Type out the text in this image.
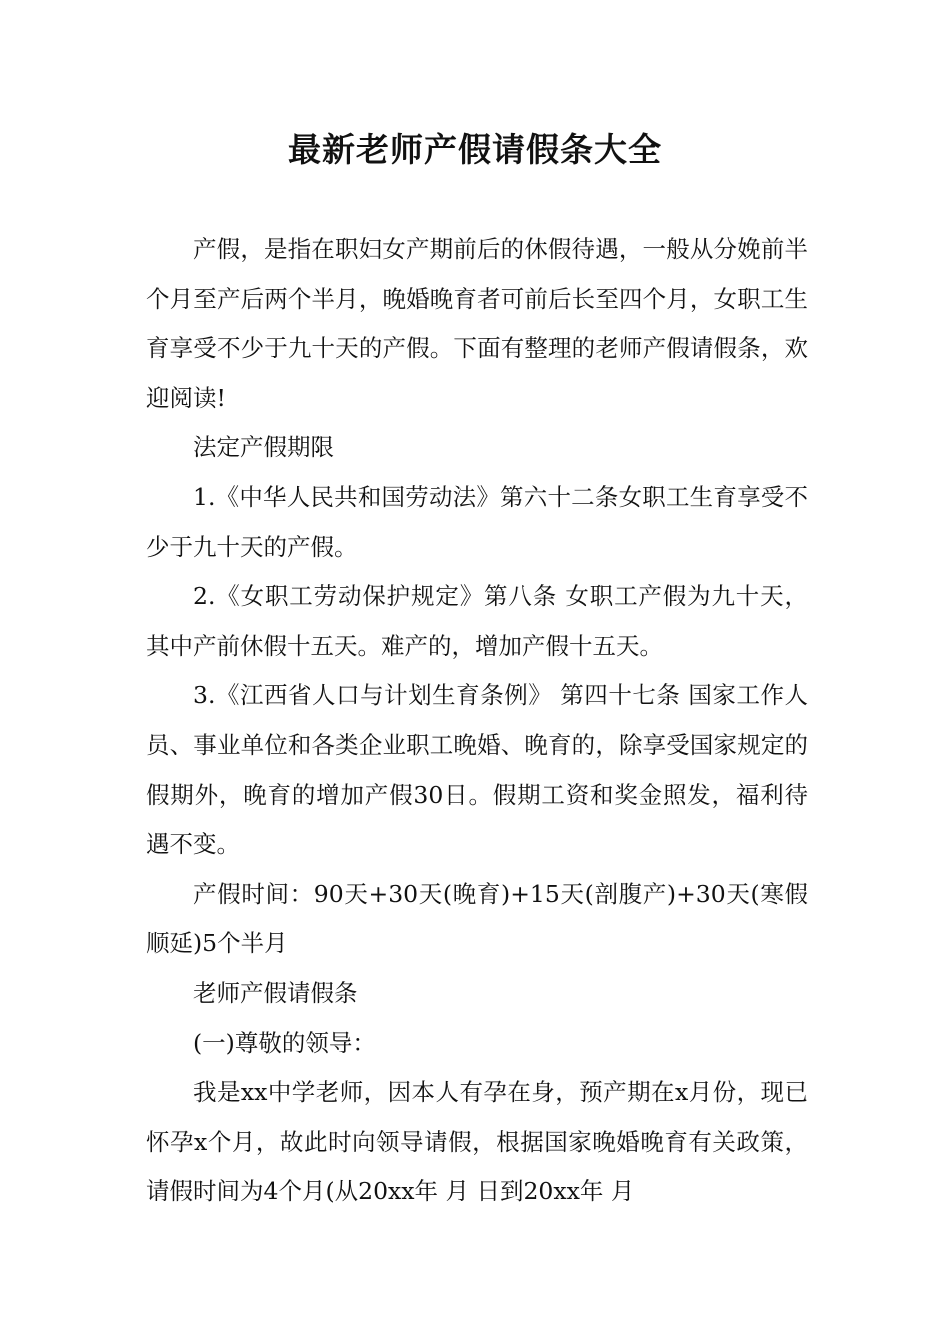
最新老师产假请假条大全

产假，是指在职妇女产期前后的休假待遇，一般从分娩前半个月至产后两个半月，晚婚晚育者可前后长至四个月，女职工生育享受不少于九十天的产假。下面有整理的老师产假请假条，欢迎阅读!

法定产假期限

1.《中华人民共和国劳动法》第六十二条女职工生育享受不少于九十天的产假。

2.《女职工劳动保护规定》第八条 女职工产假为九十天，其中产前休假十五天。难产的，增加产假十五天。

3.《江西省人口与计划生育条例》 第四十七条 国家工作人员、事业单位和各类企业职工晚婚、晚育的，除享受国家规定的假期外，晚育的增加产假30日。假期工资和奖金照发，福利待遇不变。

产假时间：90天+30天(晚育)+15天(剖腹产)+30天(寒假顺延)5个半月

老师产假请假条

(一)尊敬的领导：

我是xx中学老师，因本人有孕在身，预产期在x月份，现已怀孕x个月，故此时向领导请假，根据国家晚婚晚育有关政策，请假时间为4个月(从20xx年 月 日到20xx年 月
